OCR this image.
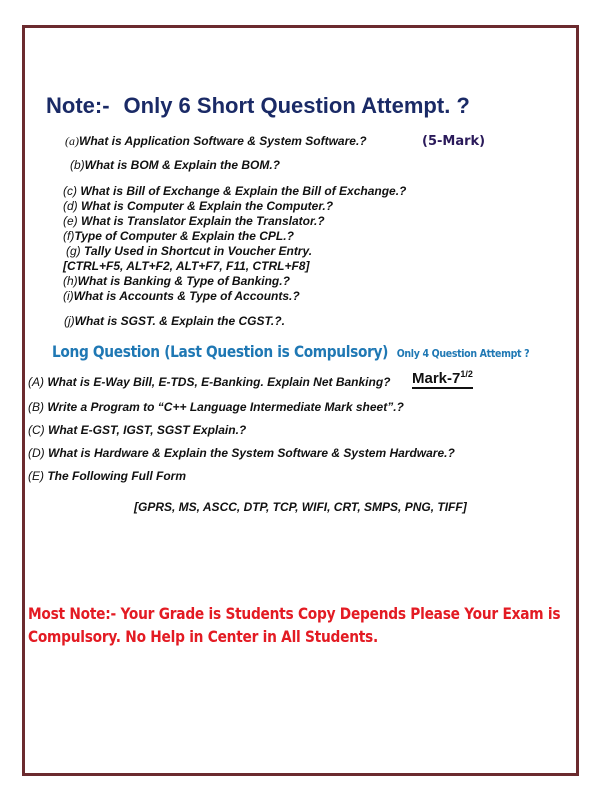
Note:- Only 6 Short Question Attempt. ?
(a)What is Application Software & System Software.?	(5-Mark)
(b)What is BOM & Explain the BOM.?
(c) What is Bill of Exchange & Explain the Bill of Exchange.?
(d) What is Computer & Explain the Computer.?
(e) What is Translator Explain the Translator.?
(f)Type of Computer & Explain the CPL.?
(g) Tally Used in Shortcut in Voucher Entry.
[CTRL+F5, ALT+F2, ALT+F7, F11, CTRL+F8]
(h)What is Banking & Type of Banking.?
(i)What is Accounts & Type of Accounts.?
(j)What is SGST. & Explain the CGST.?.
Long Question (Last Question is Compulsory) Only 4 Question Attempt ?
Mark-$7^{1/2}$
(A) What is E-Way Bill, E-TDS, E-Banking. Explain Net Banking?
(B) Write a Program to “C++ Language Intermediate Mark sheet”.?
(C) What E-GST, IGST, SGST Explain.?
(D) What is Hardware & Explain the System Software & System Hardware.?
(E) The Following Full Form
[GPRS, MS, ASCC, DTP, TCP, WIFI, CRT, SMPS, PNG, TIFF]
Most Note:- Your Grade is Students Copy Depends Please Your Exam is
Compulsory. No Help in Center in All Students.
